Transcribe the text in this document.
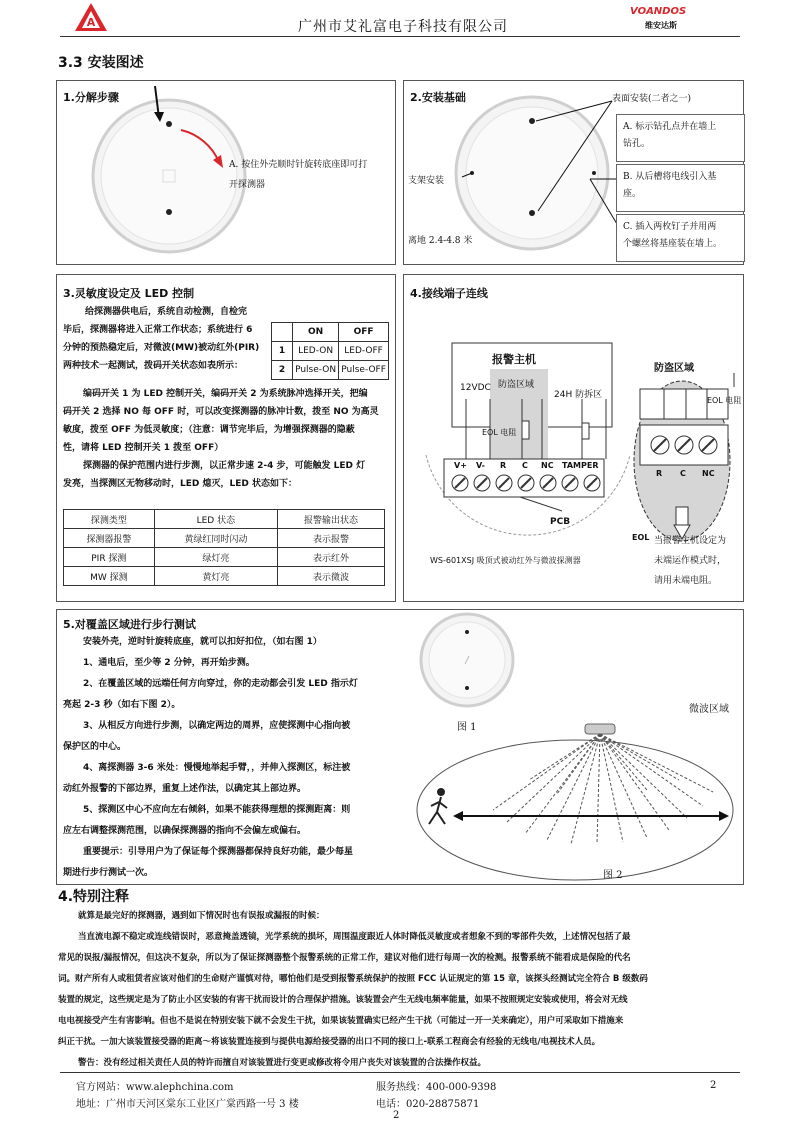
A	广州市艾礼富电子科技有限公司
VOANDOS
维安达斯
3.3 安装图述
1.分解步骤
A. 按住外壳顺时针旋转底座即可打
开探测器
2.安装基础	表面安装(二者之一)
支架安装
离地 2.4-4.8 米
A. 标示钻孔点并在墙上
钻孔。
B. 从后槽将电线引入基
座。
C. 插入两枚钉子并用两
个螺丝将基座装在墙上。
3.灵敏度设定及 LED 控制
给探测器供电后，系统自动检测，自检完
毕后，探测器将进入正常工作状态；系统进行 6
分钟的预热稳定后，对微波(MW)被动红外(PIR)
两种技术一起测试，拨码开关状态如表所示：
	ON	OFF
1	LED-ON	LED-OFF
2	Pulse-ON	Pulse-OFF
编码开关 1 为 LED 控制开关，编码开关 2 为系统脉冲选择开关，把编
码开关 2 选择 NO 每 OFF 时，可以改变探测器的脉冲计数，拨至 NO 为高灵
敏度，拨至 OFF 为低灵敏度；（注意：调节完毕后，为增强探测器的隐蔽
性，请将 LED 控制开关 1 拨至 OFF）
探测器的保护范围内进行步测，以正常步速 2-4 步，可能触发 LED 灯
发亮，当探测区无物移动时，LED 熄灭，LED 状态如下：
探测类型	LED 状态	报警输出状态
探测器报警	黄绿红同时闪动	表示报警
PIR 探测	绿灯亮	表示红外
MW 探测	黄灯亮	表示微波
4.接线端子连线
报警主机
防盗区域
12VDC
24H 防拆区
EOL 电阻
V+ V- R C NC TAMPER
PCB
WS-601XSJ 吸顶式被动红外与微波探测器
防盗区域
EOL 电阻
R C NC
EOL 当报警主机设定为
未端运作模式时，
请用未端电阻。
5.对覆盖区域进行步行测试
安装外壳，逆时针旋转底座，就可以扣好扣位，（如右图 1）
1、通电后，至少等 2 分钟，再开始步测。
2、在覆盖区域的远端任何方向穿过，你的走动都会引发 LED 指示灯
亮起 2-3 秒（如右下图 2）。
3、从相反方向进行步测，以确定两边的周界，应使探测中心指向被
保护区的中心。
4、离探测器 3-6 米处：慢慢地举起手臂，，并伸入探测区，标注被
动红外报警的下部边界，重复上述作法，以确定其上部边界。
5、探测区中心不应向左右倾斜，如果不能获得理想的探测距离：则
应左右调整探测范围，以确保探测器的指向不会偏左或偏右。
重要提示：引导用户为了保证每个探测器都保持良好功能，最少每星
期进行步行测试一次。
图 1
图 2
微波区域
4.特别注释
就算是最完好的探测器，遇到如下情况时也有误报或漏报的时候：
当直流电源不稳定或连线错误时，恶意掩盖透镜，光学系统的损坏，周围温度跟近人体时降低灵敏度或者想象不到的零部件失效，上述情况包括了最
常见的误报/漏报情况，但这决不复杂，所以为了保证探测器整个报警系统的正常工作，建议对他们进行每周一次的检测。报警系统不能看成是保险的代名
词。财产所有人或租赁者应该对他们的生命财产谨慎对待，哪怕他们是受到报警系统保护的按照 FCC 认证规定的第 15 章，该探头经测试完全符合 B 级数码
装置的规定，这些规定是为了防止小区安装的有害干扰而设计的合理保护措施。该装置会产生无线电频率能量，如果不按照规定安装或使用，将会对无线
电电视接受产生有害影响。但也不是说在特别安装下就不会发生干扰，如果该装置确实已经产生干扰（可能过一开一关来确定），用户可采取如下措施来
纠正干扰。一加大该装置接受器的距离～将该装置连接到与提供电源给接受器的出口不同的接口上-联系工程商会有经验的无线电/电视技术人员。
警告：没有经过相关责任人员的特许而擅自对该装置进行变更或修改将令用户丧失对该装置的合法操作权益。
官方网站：www.alephchina.com
地址：广州市天河区棠东工业区广棠西路一号 3 楼
服务热线：400-000-9398
电话：020-28875871
2
2
